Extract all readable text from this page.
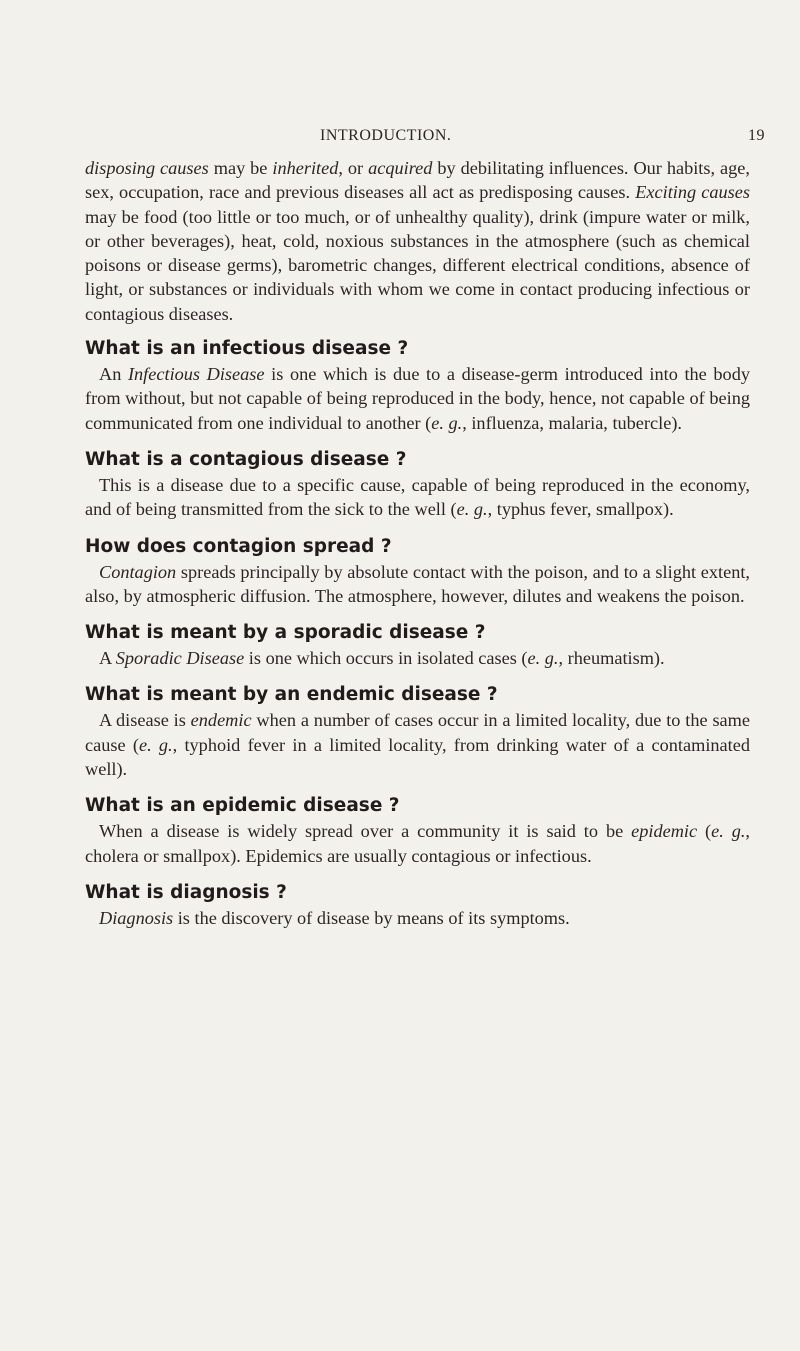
INTRODUCTION.	19

disposing causes may be inherited, or acquired by debilitating influences. Our habits, age, sex, occupation, race and previous diseases all act as predisposing causes. Exciting causes may be food (too little or too much, or of unhealthy quality), drink (impure water or milk, or other beverages), heat, cold, noxious substances in the atmosphere (such as chemical poisons or disease germs), barometric changes, different electrical conditions, absence of light, or substances or individuals with whom we come in contact producing infectious or contagious diseases.

What is an infectious disease ?

An Infectious Disease is one which is due to a disease-germ introduced into the body from without, but not capable of being reproduced in the body, hence, not capable of being communicated from one individual to another (e. g., influenza, malaria, tubercle).

What is a contagious disease ?

This is a disease due to a specific cause, capable of being reproduced in the economy, and of being transmitted from the sick to the well (e. g., typhus fever, smallpox).

How does contagion spread ?

Contagion spreads principally by absolute contact with the poison, and to a slight extent, also, by atmospheric diffusion. The atmosphere, however, dilutes and weakens the poison.

What is meant by a sporadic disease ?

A Sporadic Disease is one which occurs in isolated cases (e. g., rheumatism).

What is meant by an endemic disease ?

A disease is endemic when a number of cases occur in a limited locality, due to the same cause (e. g., typhoid fever in a limited locality, from drinking water of a contaminated well).

What is an epidemic disease ?

When a disease is widely spread over a community it is said to be epidemic (e. g., cholera or smallpox). Epidemics are usually contagious or infectious.

What is diagnosis ?

Diagnosis is the discovery of disease by means of its symptoms.
